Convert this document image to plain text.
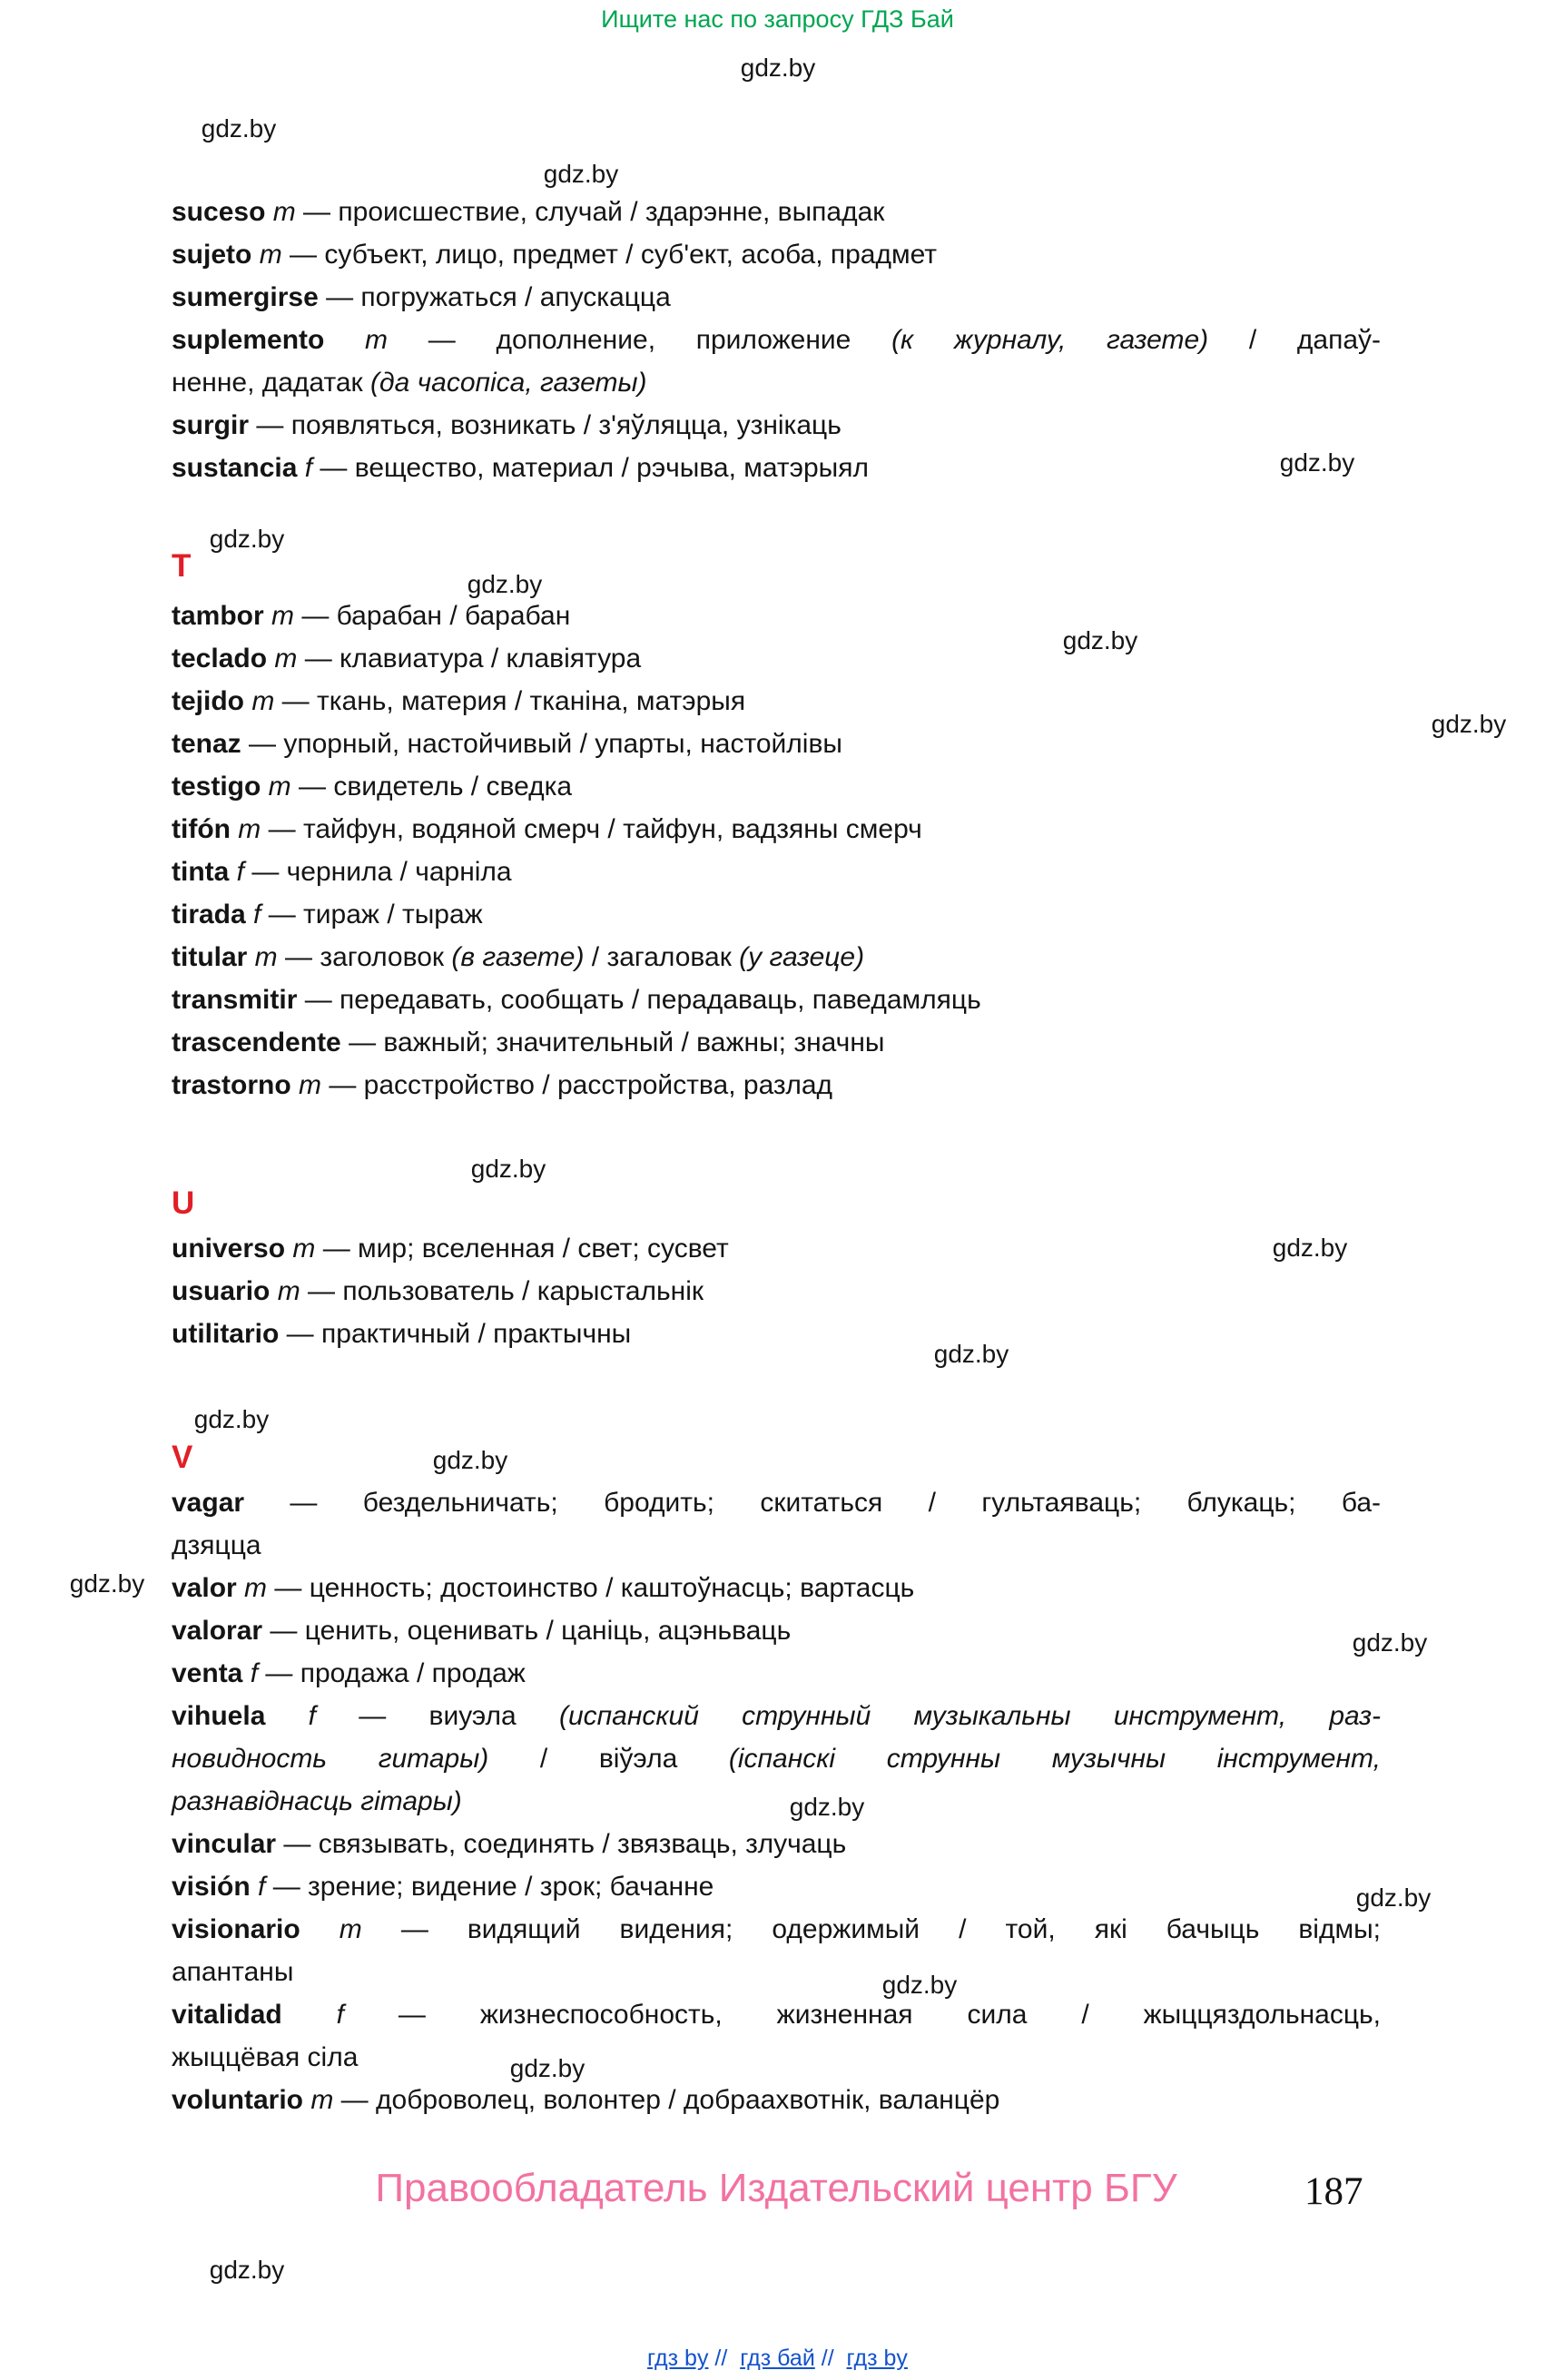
Ищите нас по запросу ГДЗ Бай
gdz.by
gdz.by
gdz.by
gdz.by
gdz.by
gdz.by
gdz.by
gdz.by
gdz.by
gdz.by
gdz.by
gdz.by
gdz.by
gdz.by
gdz.by
gdz.by
gdz.by
gdz.by
gdz.by
gdz.by
suceso m — происшествие, случай / здарэнне, выпадак
sujeto m — субъект, лицо, предмет / суб'ект, асоба, прадмет
sumergirse — погружаться / апускацца
suplemento m — дополнение, приложение (к журналу, газете) / дапаў-
ненне, дадатак (да часопіса, газеты)
surgir — появляться, возникать / з'яўляцца, узнікаць
sustancia f — вещество, материал / рэчыва, матэрыял
T
tambor m — барабан / барабан
teclado m — клавиатура / клавіятура
tejido m — ткань, материя / тканіна, матэрыя
tenaz — упорный, настойчивый / упарты, настойлівы
testigo m — свидетель / сведка
tifón m — тайфун, водяной смерч / тайфун, вадзяны смерч
tinta f — чернила / чарніла
tirada f — тираж / тыраж
titular m — заголовок (в газете) / загаловак (у газеце)
transmitir — передавать, сообщать / перадаваць, паведамляць
trascendente — важный; значительный / важны; значны
trastorno m — расстройство / расстройства, разлад
U
universo m — мир; вселенная / свет; сусвет
usuario m — пользователь / карыстальнік
utilitario — практичный / практычны
V
vagar — бездельничать; бродить; скитаться / гультаяваць; блукаць; ба-
дзяцца
valor m — ценность; достоинство / каштоўнасць; вартасць
valorar — ценить, оценивать / цаніць, ацэньваць
venta f — продажа / продаж
vihuela f — виуэла (испанский струнный музыкальны инструмент, раз-
новидность гитары) / віўэла (іспанскі струнны музычны інструмент,
разнавіднасць гітары)
vincular — связывать, соединять / звязваць, злучаць
visión f — зрение; видение / зрок; бачанне
visionario m — видящий видения; одержимый / той, які бачыць відмы;
апантаны
vitalidad f — жизнеспособность, жизненная сила / жыццяздольнасць,
жыццёвая сіла
voluntario m — доброволец, волонтер / добраахвотнік, валанцёр
Правообладатель Издательский центр БГУ	187
гдз by //  гдз бай //  гдз by
